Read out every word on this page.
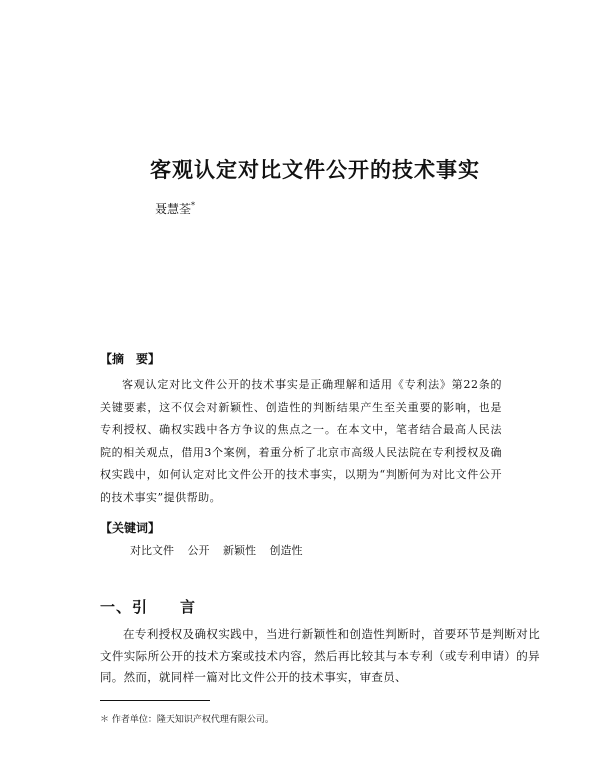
客观认定对比文件公开的技术事实
聂慧荃*
【摘　要】

客观认定对比文件公开的技术事实是正确理解和适用《专利法》第22条的关键要素，这不仅会对新颖性、创造性的判断结果产生至关重要的影响，也是专利授权、确权实践中各方争议的焦点之一。在本文中，笔者结合最高人民法院的相关观点，借用3个案例，着重分析了北京市高级人民法院在专利授权及确权实践中，如何认定对比文件公开的技术事实，以期为“判断何为对比文件公开的技术事实”提供帮助。

【关键词】
对比文件 公开 新颖性 创造性
一、引　　言

在专利授权及确权实践中，当进行新颖性和创造性判断时，首要环节是判断对比文件实际所公开的技术方案或技术内容，然后再比较其与本专利（或专利申请）的异同。然而，就同样一篇对比文件公开的技术事实，审查员、

＊ 作者单位：隆天知识产权代理有限公司。
